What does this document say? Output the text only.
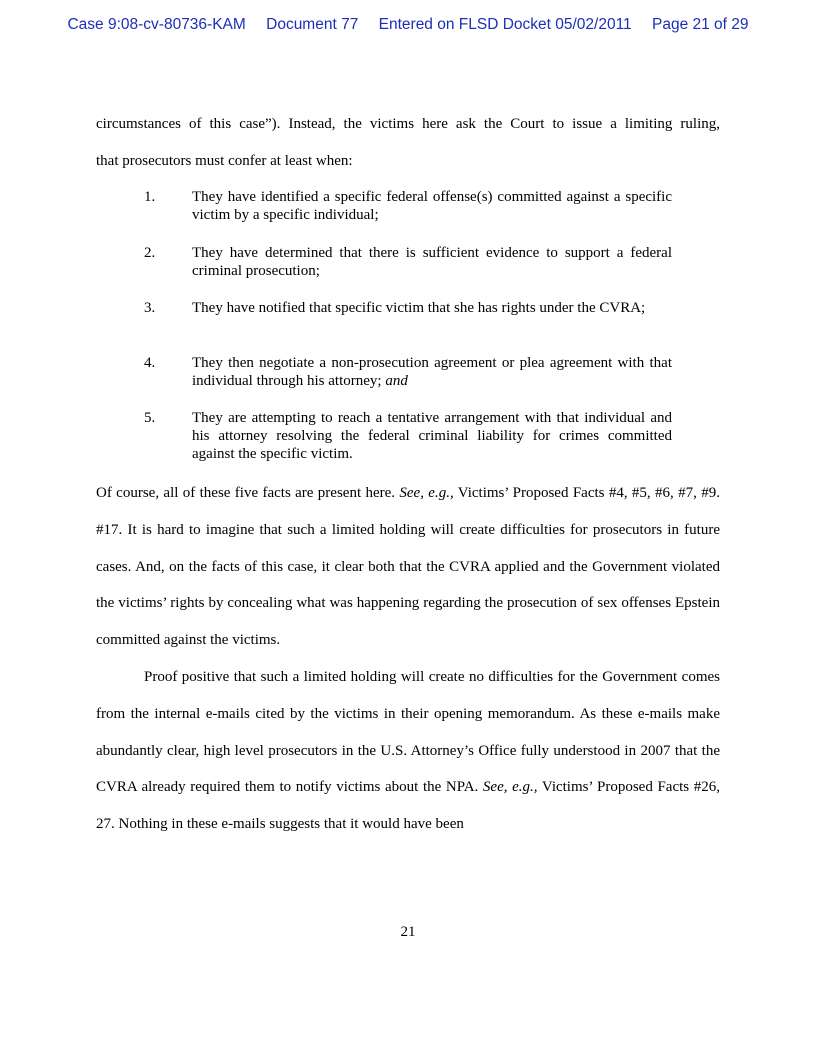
Case 9:08-cv-80736-KAM Document 77 Entered on FLSD Docket 05/02/2011 Page 21 of 29

circumstances of this case”). Instead, the victims here ask the Court to issue a limiting ruling,

that prosecutors must confer at least when:

1.	They have identified a specific federal offense(s) committed against a specific victim by a specific individual;
2.	They have determined that there is sufficient evidence to support a federal criminal prosecution;
3.	They have notified that specific victim that she has rights under the CVRA;
4.	They then negotiate a non-prosecution agreement or plea agreement with that individual through his attorney; and
5.	They are attempting to reach a tentative arrangement with that individual and his attorney resolving the federal criminal liability for crimes committed against the specific victim.

Of course, all of these five facts are present here. See, e.g., Victims’ Proposed Facts #4, #5, #6, #7, #9. #17. It is hard to imagine that such a limited holding will create difficulties for prosecutors in future cases. And, on the facts of this case, it clear both that the CVRA applied and the Government violated the victims’ rights by concealing what was happening regarding the prosecution of sex offenses Epstein committed against the victims.

Proof positive that such a limited holding will create no difficulties for the Government comes from the internal e-mails cited by the victims in their opening memorandum. As these e-mails make abundantly clear, high level prosecutors in the U.S. Attorney’s Office fully understood in 2007 that the CVRA already required them to notify victims about the NPA. See, e.g., Victims’ Proposed Facts #26, 27. Nothing in these e-mails suggests that it would have been

21
